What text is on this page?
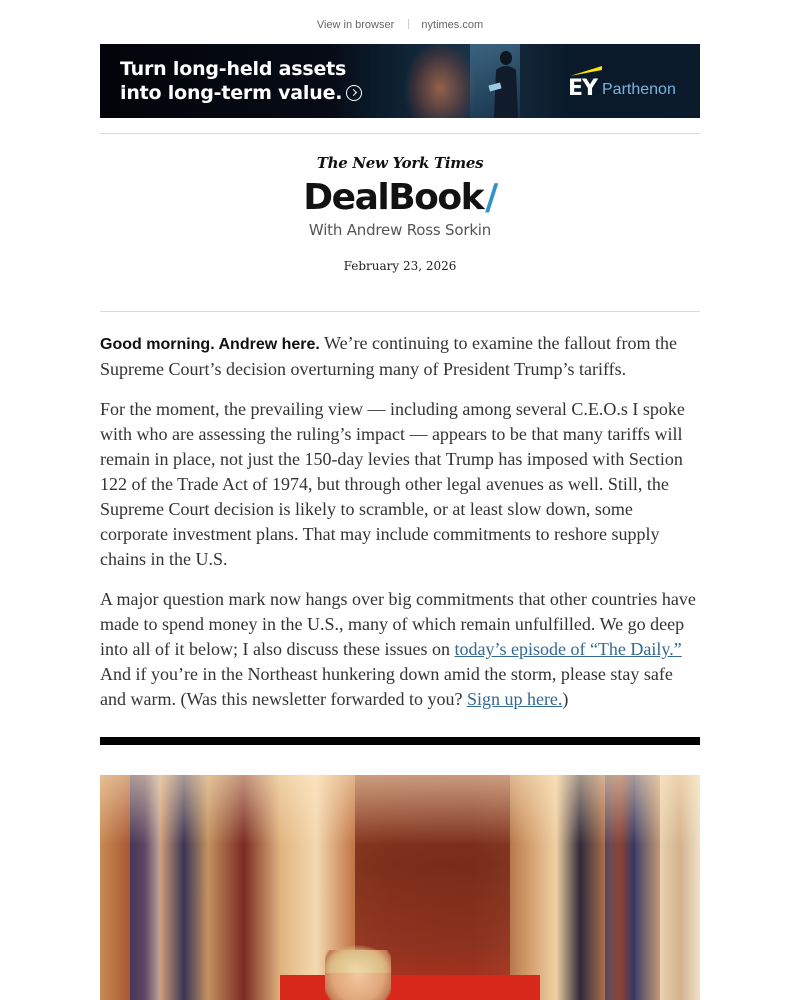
View in browser nytimes.com
Turn long-held assets
into long-term value.	EY Parthenon
The New York Times
DealBook/
With Andrew Ross Sorkin
February 23, 2026

Good morning. Andrew here. We’re continuing to examine the fallout from the Supreme Court’s decision overturning many of President Trump’s tariffs.

For the moment, the prevailing view — including among several C.E.O.s I spoke with who are assessing the ruling’s impact — appears to be that many tariffs will remain in place, not just the 150-day levies that Trump has imposed with Section 122 of the Trade Act of 1974, but through other legal avenues as well. Still, the Supreme Court decision is likely to scramble, or at least slow down, some corporate investment plans. That may include commitments to reshore supply chains in the U.S.

A major question mark now hangs over big commitments that other countries have made to spend money in the U.S., many of which remain unfulfilled. We go deep into all of it below; I also discuss these issues on today’s episode of “The Daily.” And if you’re in the Northeast hunkering down amid the storm, please stay safe and warm. (Was this newsletter forwarded to you? Sign up here.)
